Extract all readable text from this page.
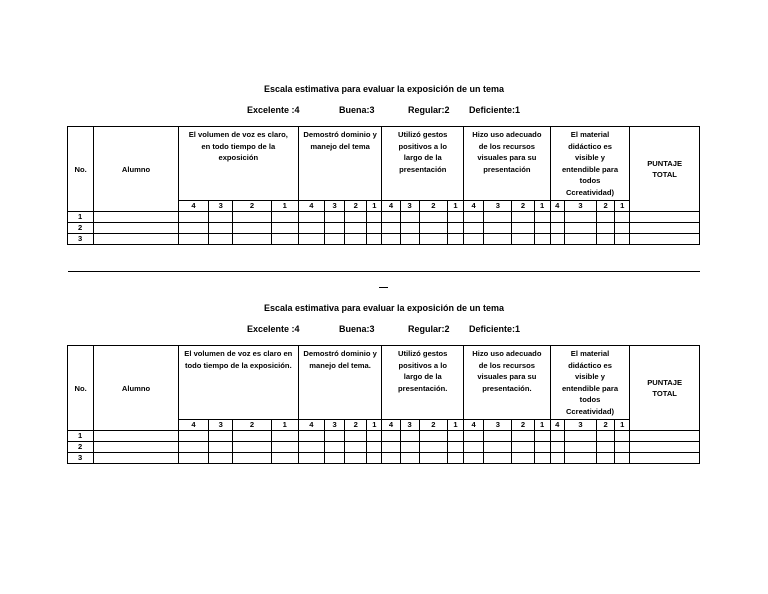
Escala estimativa para evaluar la exposición de un tema
Excelente :4	Buena:3	Regular:2 Deficiente:1
No.	Alumno	El volumen de voz es claro, en todo tiempo de la exposición				Demostró dominio y manejo del tema				Utilizó gestos positivos a lo largo de la presentación				Hizo uso adecuado de los recursos visuales para su presentación				El material didáctico es visible y entendible para todos Ccreatividad)				PUNTAJE TOTAL
		4	3	2	1	4	3	2	1	4	3	2	1	4	3	2	1	4	3	2	1	
1																						
2																						
3																						
Escala estimativa para evaluar la exposición de un tema
Excelente :4	Buena:3	Regular:2 Deficiente:1
No.	Alumno	El volumen de voz es claro en todo tiempo de la exposición.				Demostró dominio y manejo del tema.				Utilizó gestos positivos a lo largo de la presentación.				Hizo uso adecuado de los recursos visuales para su presentación.				El material didáctico es visible y entendible para todos Ccreatividad)				PUNTAJE TOTAL
		4	3	2	1	4	3	2	1	4	3	2	1	4	3	2	1	4	3	2	1	
1																						
2																						
3																						
